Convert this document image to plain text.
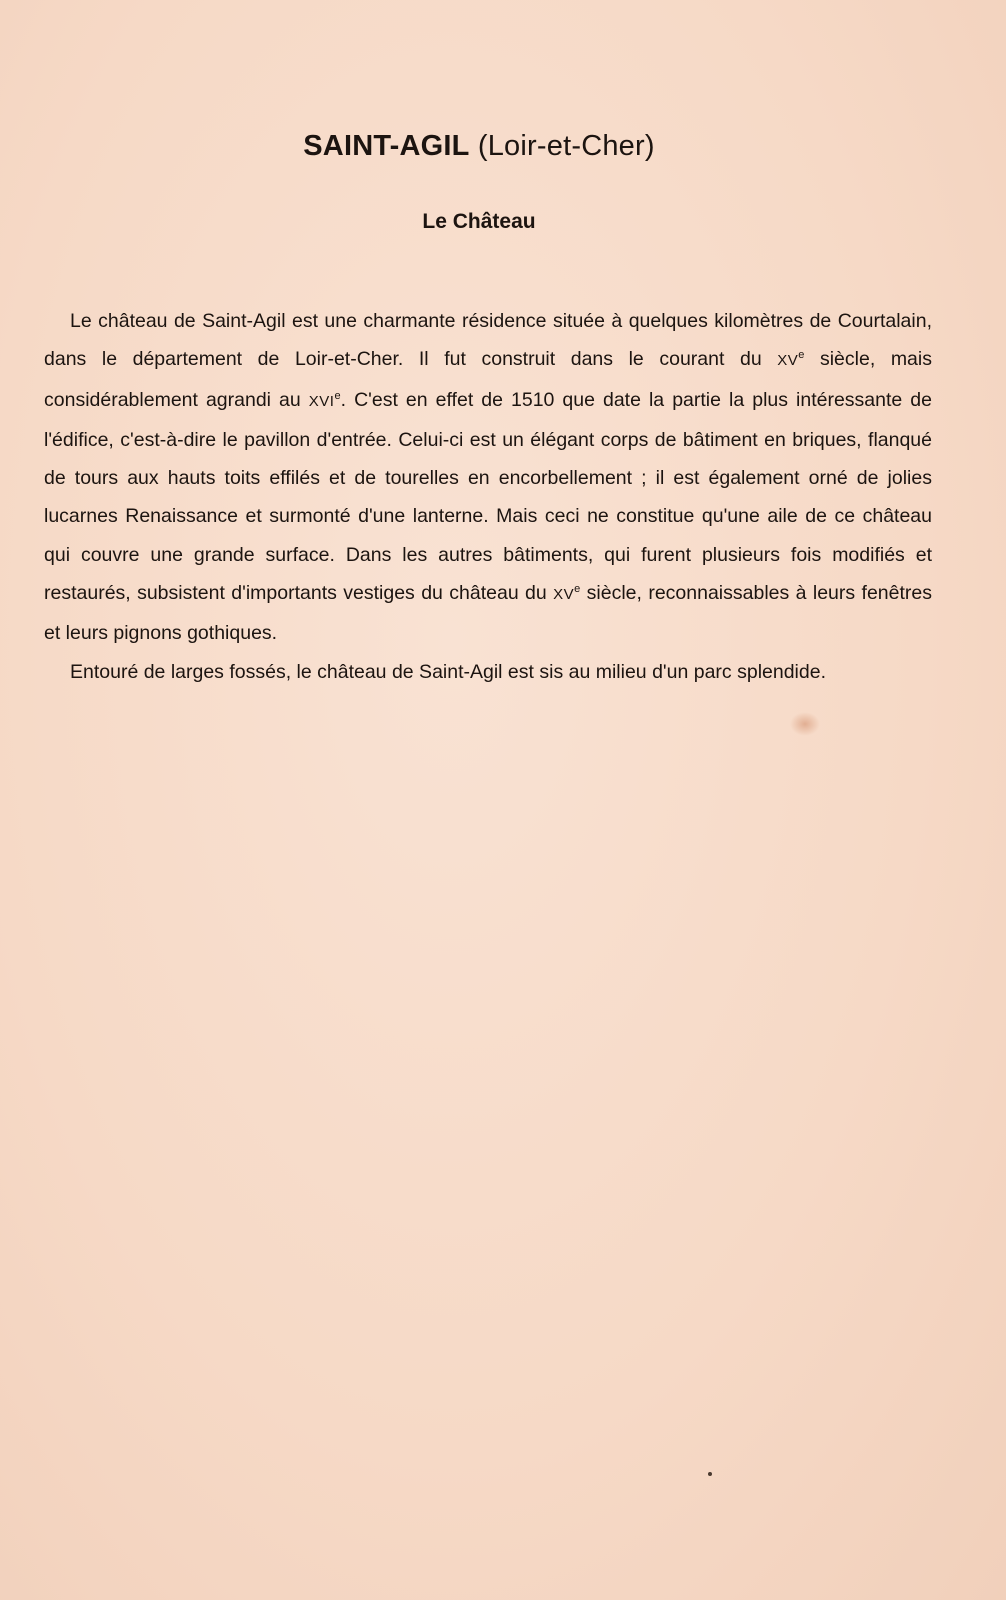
SAINT-AGIL (Loir-et-Cher)
Le Château

Le château de Saint-Agil est une charmante résidence située à quelques kilomètres de Courtalain, dans le département de Loir-et-Cher. Il fut construit dans le courant du XVe siècle, mais considérablement agrandi au XVIe. C'est en effet de 1510 que date la partie la plus intéressante de l'édifice, c'est-à-dire le pavillon d'entrée. Celui-ci est un élégant corps de bâtiment en briques, flanqué de tours aux hauts toits effilés et de tourelles en encorbellement ; il est également orné de jolies lucarnes Renaissance et surmonté d'une lanterne. Mais ceci ne constitue qu'une aile de ce château qui couvre une grande surface. Dans les autres bâtiments, qui furent plusieurs fois modifiés et restaurés, subsistent d'importants vestiges du château du XVe siècle, reconnaissables à leurs fenêtres et leurs pignons gothiques.

Entouré de larges fossés, le château de Saint-Agil est sis au milieu d'un parc splendide.
